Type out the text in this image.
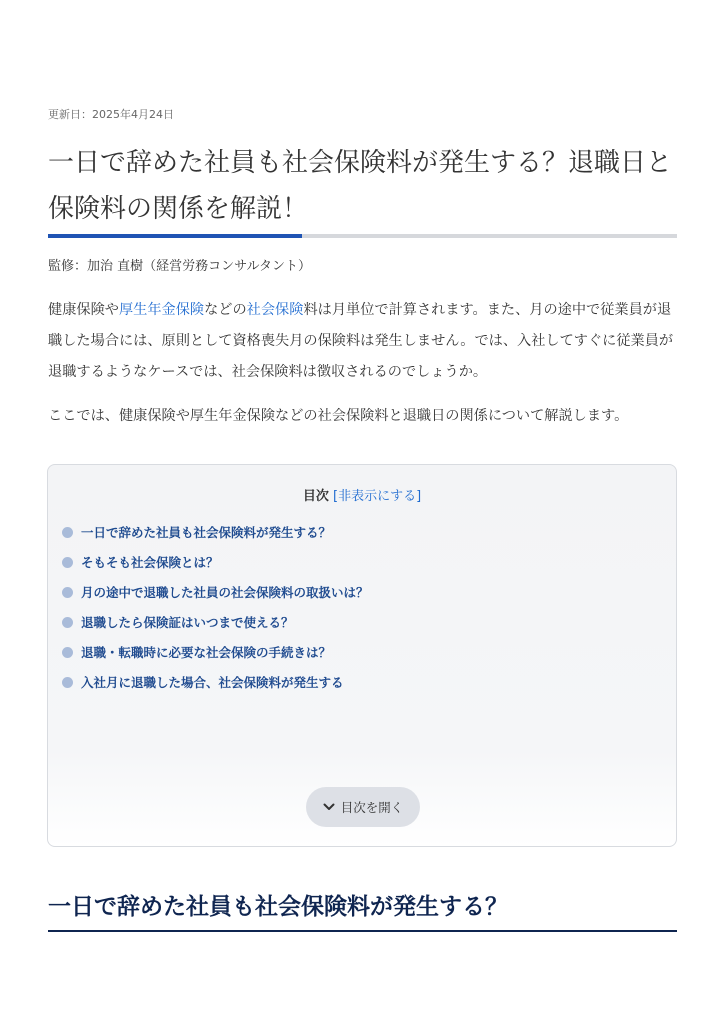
更新日：2025年4月24日
一日で辞めた社員も社会保険料が発生する？退職日と保険料の関係を解説！
監修：加治 直樹（経営労務コンサルタント）

健康保険や厚生年金保険などの社会保険料は月単位で計算されます。また、月の途中で従業員が退職した場合には、原則として資格喪失月の保険料は発生しません。では、入社してすぐに従業員が退職するようなケースでは、社会保険料は徴収されるのでしょうか。

ここでは、健康保険や厚生年金保険などの社会保険料と退職日の関係について解説します。

目次 [非表示にする]
一日で辞めた社員も社会保険料が発生する？
そもそも社会保険とは？
月の途中で退職した社員の社会保険料の取扱いは？
退職したら保険証はいつまで使える？
退職・転職時に必要な社会保険の手続きは？
入社月に退職した場合、社会保険料が発生する
目次を開く
一日で辞めた社員も社会保険料が発生する？
